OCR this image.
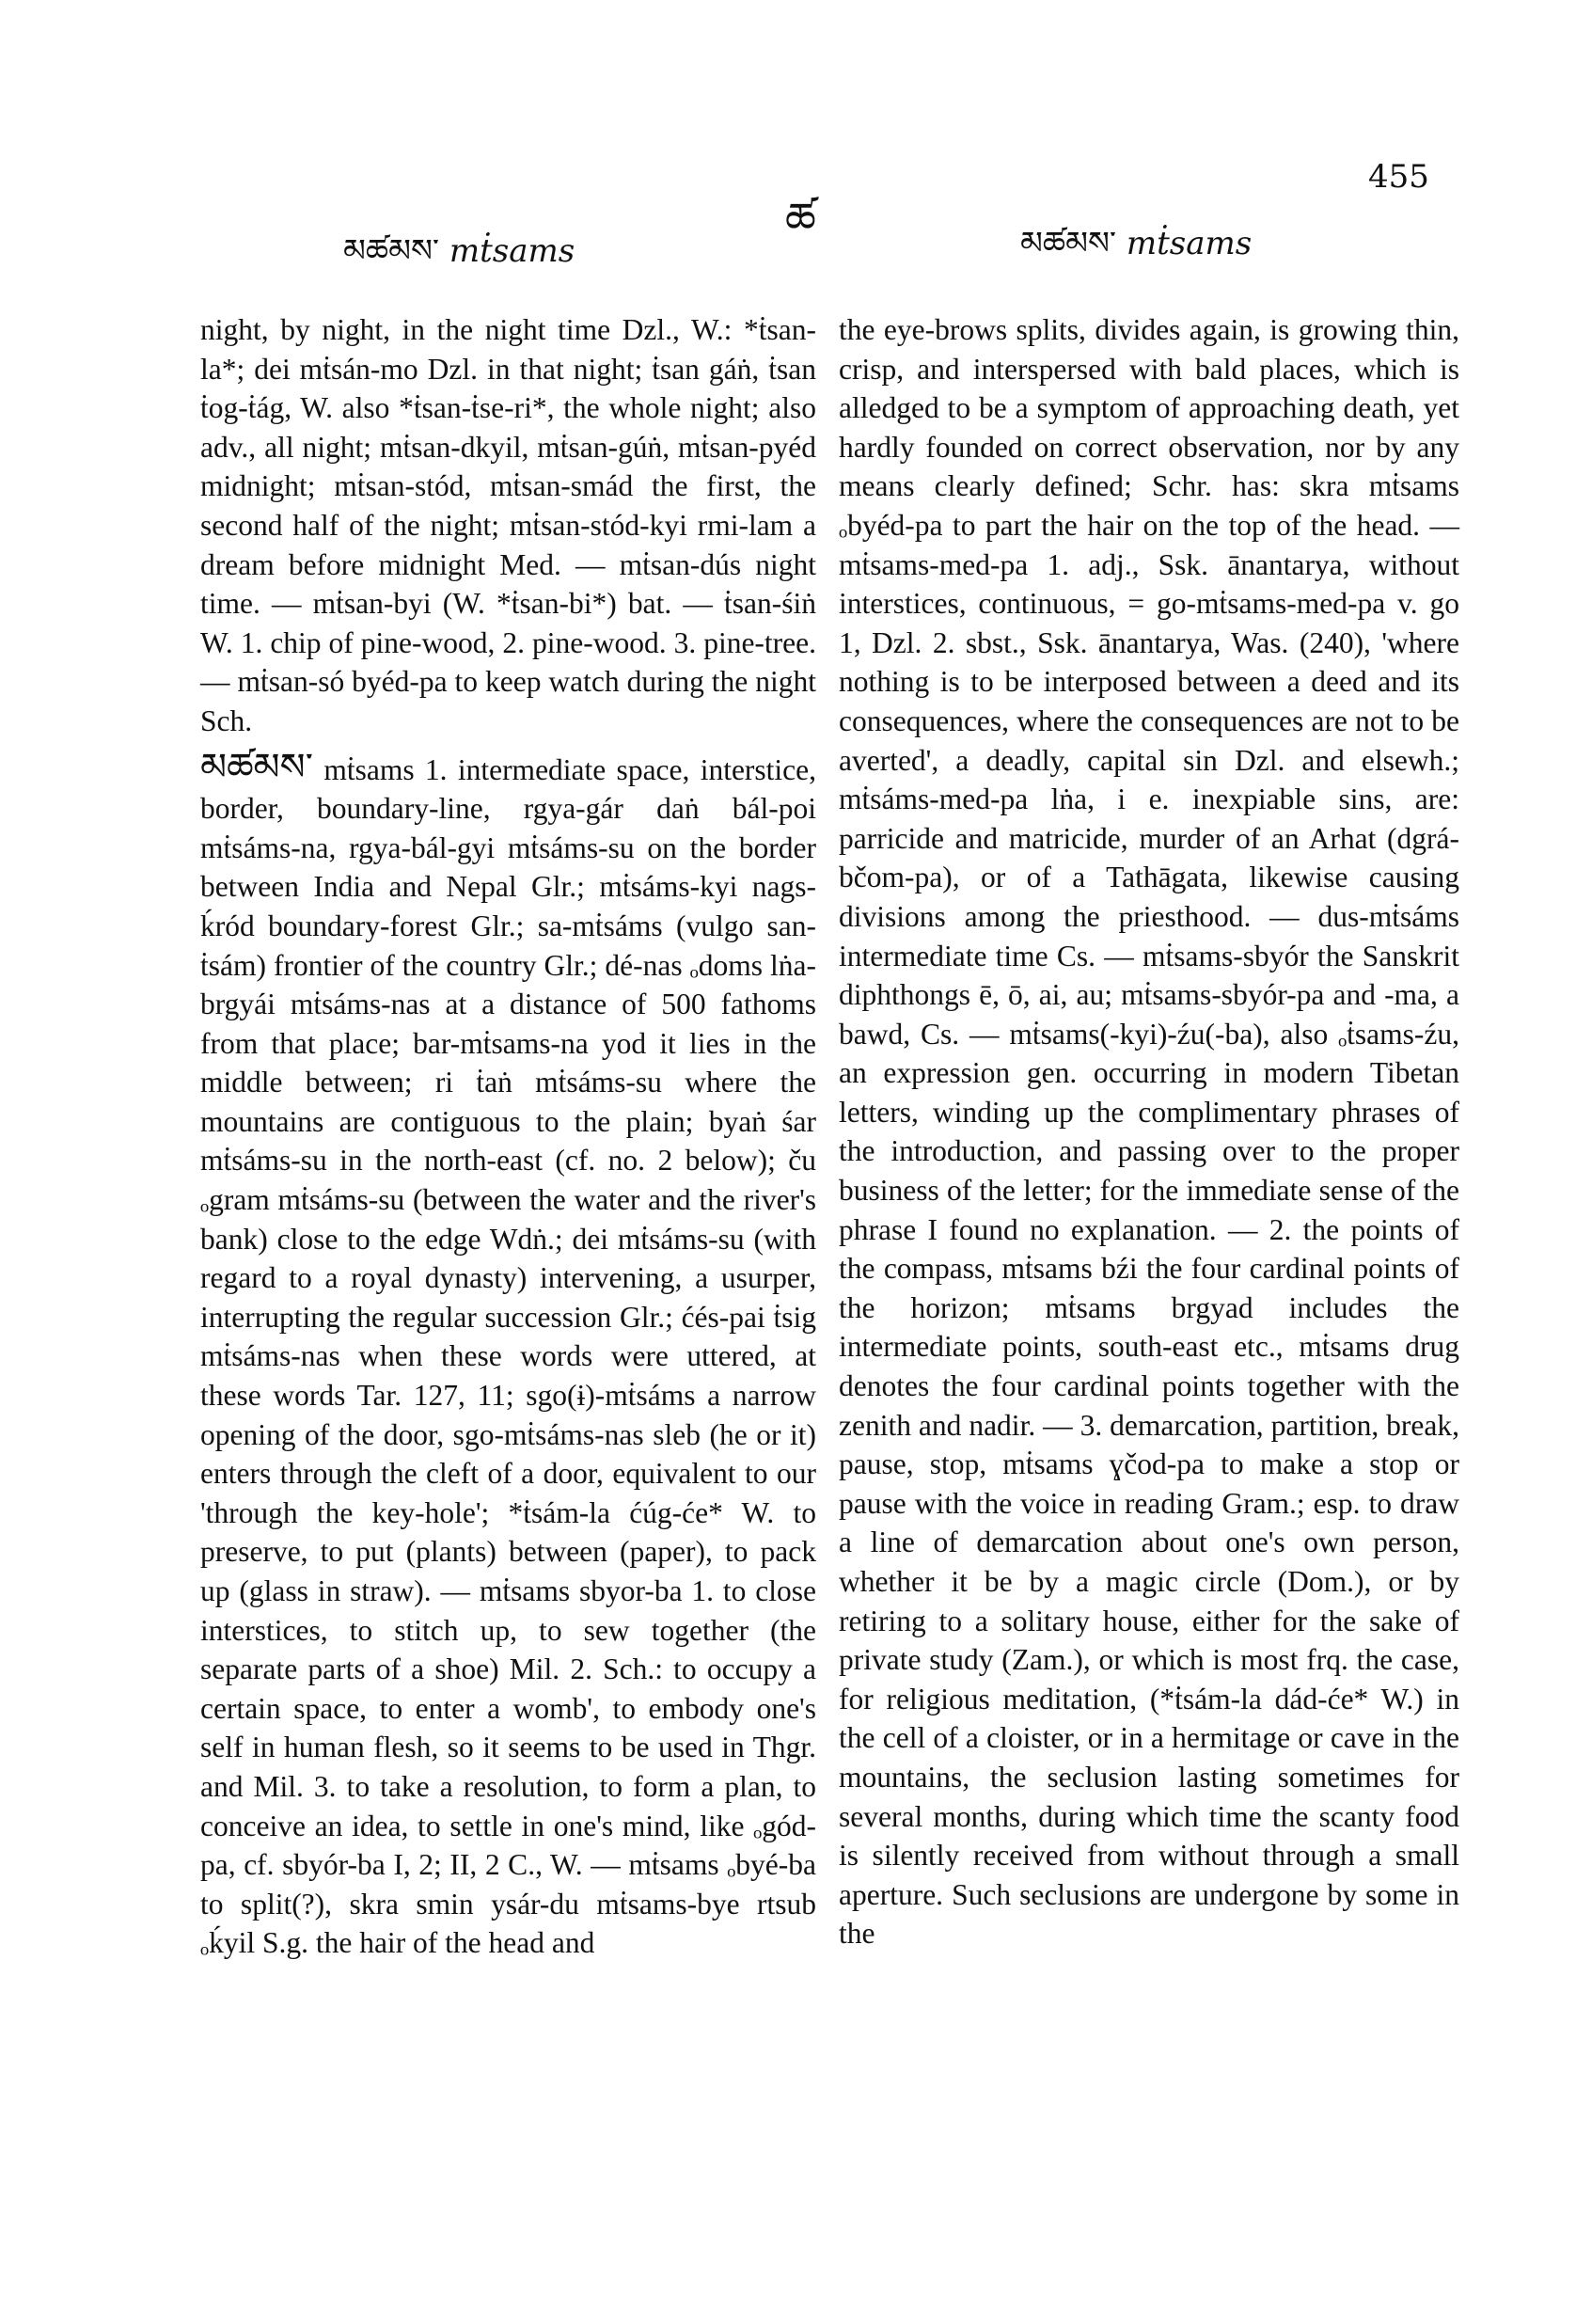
མཚམས་ mṫsams
ཚ	མཚམས་ mṫsams
455

night, by night, in the night time Dzl., W.: *ṫsan-la*; dei mṫsán-mo Dzl. in that night; ṫsan gáṅ, ṫsan ṫog-ṫág, W. also *ṫsan-ṫse-ri*, the whole night; also adv., all night; mṫsan-dkyil, mṫsan-gúṅ, mṫsan-pyéd midnight; mṫsan-stód, mṫsan-smád the first, the second half of the night; mṫsan-stód-kyi rmi-lam a dream before midnight Med. — mṫsan-dús night time. — mṫsan-byi (W. *ṫsan-bi*) bat. — ṫsan-śiṅ W. 1. chip of pine-wood, 2. pine-wood. 3. pine-tree. — mṫsan-só byéd-pa to keep watch during the night Sch.

མཚམས་ mṫsams 1. intermediate space, interstice, border, boundary-line, rgya-gár daṅ bál-poi mṫsáms-na, rgya-bál-gyi mṫsáms-su on the border between India and Nepal Glr.; mṫsáms-kyi nags-ḱród boundary-forest Glr.; sa-mṫsáms (vulgo san-ṫsám) frontier of the country Glr.; dé-nas ₒdoms lṅa-brgyái mṫsáms-nas at a distance of 500 fathoms from that place; bar-mṫsams-na yod it lies in the middle between; ri ṫaṅ mṫsáms-su where the mountains are contiguous to the plain; byaṅ śar mṫsáms-su in the north-east (cf. no. 2 below); ču ₒgram mṫsáms-su (between the water and the river's bank) close to the edge Wdṅ.; dei mṫsáms-su (with regard to a royal dynasty) intervening, a usurper, interrupting the regular succession Glr.; ćés-pai ṫsig mṫsáms-nas when these words were uttered, at these words Tar. 127, 11; sgo(ɨ)-mṫsáms a narrow opening of the door, sgo-mṫsáms-nas sleb (he or it) enters through the cleft of a door, equivalent to our 'through the key-hole'; *ṫsám-la ćúg-će* W. to preserve, to put (plants) between (paper), to pack up (glass in straw). — mṫsams sbyor-ba 1. to close interstices, to stitch up, to sew together (the separate parts of a shoe) Mil. 2. Sch.: to occupy a certain space, to enter a womb', to embody one's self in human flesh, so it seems to be used in Thgr. and Mil. 3. to take a resolution, to form a plan, to conceive an idea, to settle in one's mind, like ₒgód-pa, cf. sbyór-ba I, 2; II, 2 C., W. — mṫsams ₒbyé-ba to split(?), skra smin ysár-du mṫsams-bye rtsub ₒḱyil S.g. the hair of the head and

the eye-brows splits, divides again, is growing thin, crisp, and interspersed with bald places, which is alledged to be a symptom of approaching death, yet hardly founded on correct observation, nor by any means clearly defined; Schr. has: skra mṫsams ₒbyéd-pa to part the hair on the top of the head. — mṫsams-med-pa 1. adj., Ssk. ānantarya, without interstices, continuous, = go-mṫsams-med-pa v. go 1, Dzl. 2. sbst., Ssk. ānantarya, Was. (240), 'where nothing is to be interposed between a deed and its consequences, where the consequences are not to be averted', a deadly, capital sin Dzl. and elsewh.; mṫsáms-med-pa lṅa, i e. inexpiable sins, are: parricide and matricide, murder of an Arhat (dgrá-bčom-pa), or of a Tathāgata, likewise causing divisions among the priesthood. — dus-mṫsáms intermediate time Cs. — mṫsams-sbyór the Sanskrit diphthongs ē, ō, ai, au; mṫsams-sbyór-pa and -ma, a bawd, Cs. — mṫsams(-kyi)-źu(-ba), also ₒṫsams-źu, an expression gen. occurring in modern Tibetan letters, winding up the complimentary phrases of the introduction, and passing over to the proper business of the letter; for the immediate sense of the phrase I found no explanation. — 2. the points of the compass, mṫsams bźi the four cardinal points of the horizon; mṫsams brgyad includes the intermediate points, south-east etc., mṫsams drug denotes the four cardinal points together with the zenith and nadir. — 3. demarcation, partition, break, pause, stop, mṫsams ɣčod-pa to make a stop or pause with the voice in reading Gram.; esp. to draw a line of demarcation about one's own person, whether it be by a magic circle (Dom.), or by retiring to a solitary house, either for the sake of private study (Zam.), or which is most frq. the case, for religious meditation, (*ṫsám-la dád-će* W.) in the cell of a cloister, or in a hermitage or cave in the mountains, the seclusion lasting sometimes for several months, during which time the scanty food is silently received from without through a small aperture. Such seclusions are undergone by some in the
